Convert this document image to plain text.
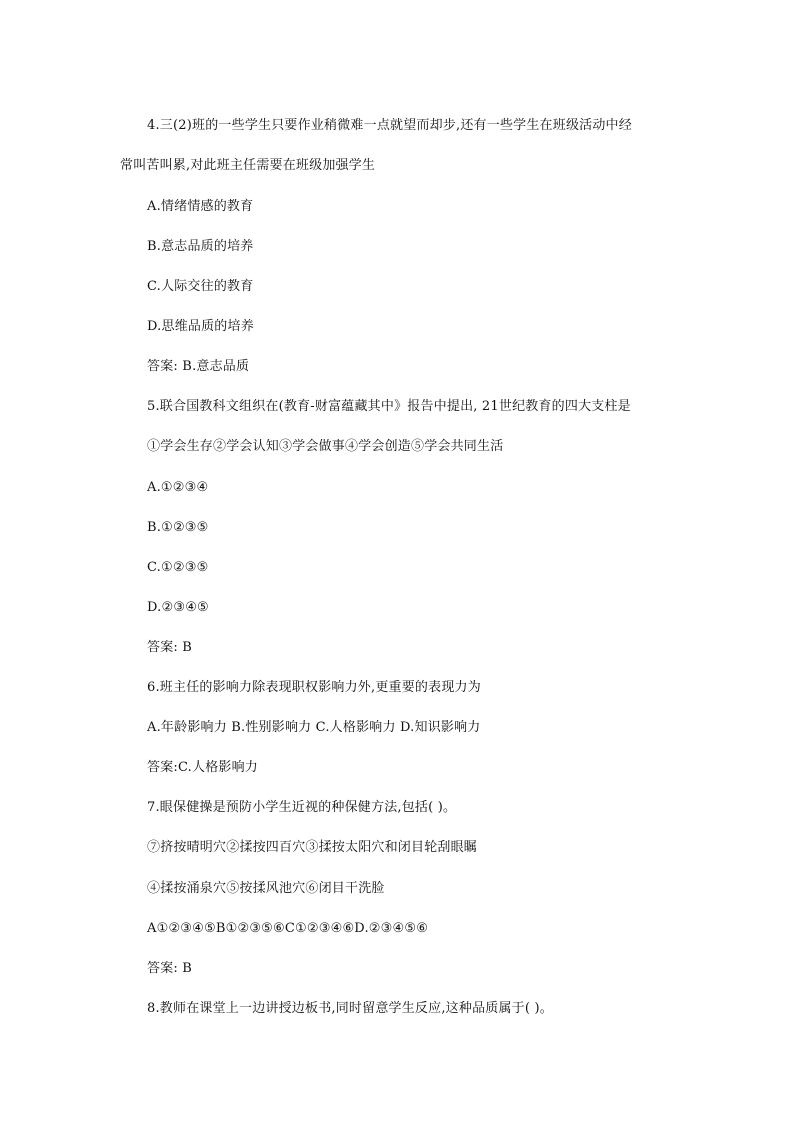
4.三(2)班的一些学生只要作业稍微难一点就望而却步,还有一些学生在班级活动中经
常叫苦叫累,对此班主任需要在班级加强学生
A.情绪情感的教育
B.意志品质的培养
C.人际交往的教育
D.思维品质的培养
答案: B.意志品质
5.联合国教科文组织在(教育-财富蕴藏其中》报告中提出, 21世纪教育的四大支柱是
①学会生存②学会认知③学会做事④学会创造⑤学会共同生活
A.①②③④
B.①②③⑤
C.①②③⑤
D.②③④⑤
答案: B
6.班主任的影响力除表现职权影响力外,更重要的表现力为
A.年龄影响力 B.性别影响力 C.人格影响力 D.知识影响力
答案:C.人格影响力
7.眼保健操是预防小学生近视的种保健方法,包括( )。
⑦挤按晴明穴②揉按四百穴③揉按太阳穴和闭目轮刮眼瞩
④揉按涌泉穴⑤按揉风池穴⑥闭目干洗脸
A①②③④⑤B①②③⑤⑥C①②③④⑥D.②③④⑤⑥
答案: B
8.教师在课堂上一边讲授边板书,同时留意学生反应,这种品质属于( )。
